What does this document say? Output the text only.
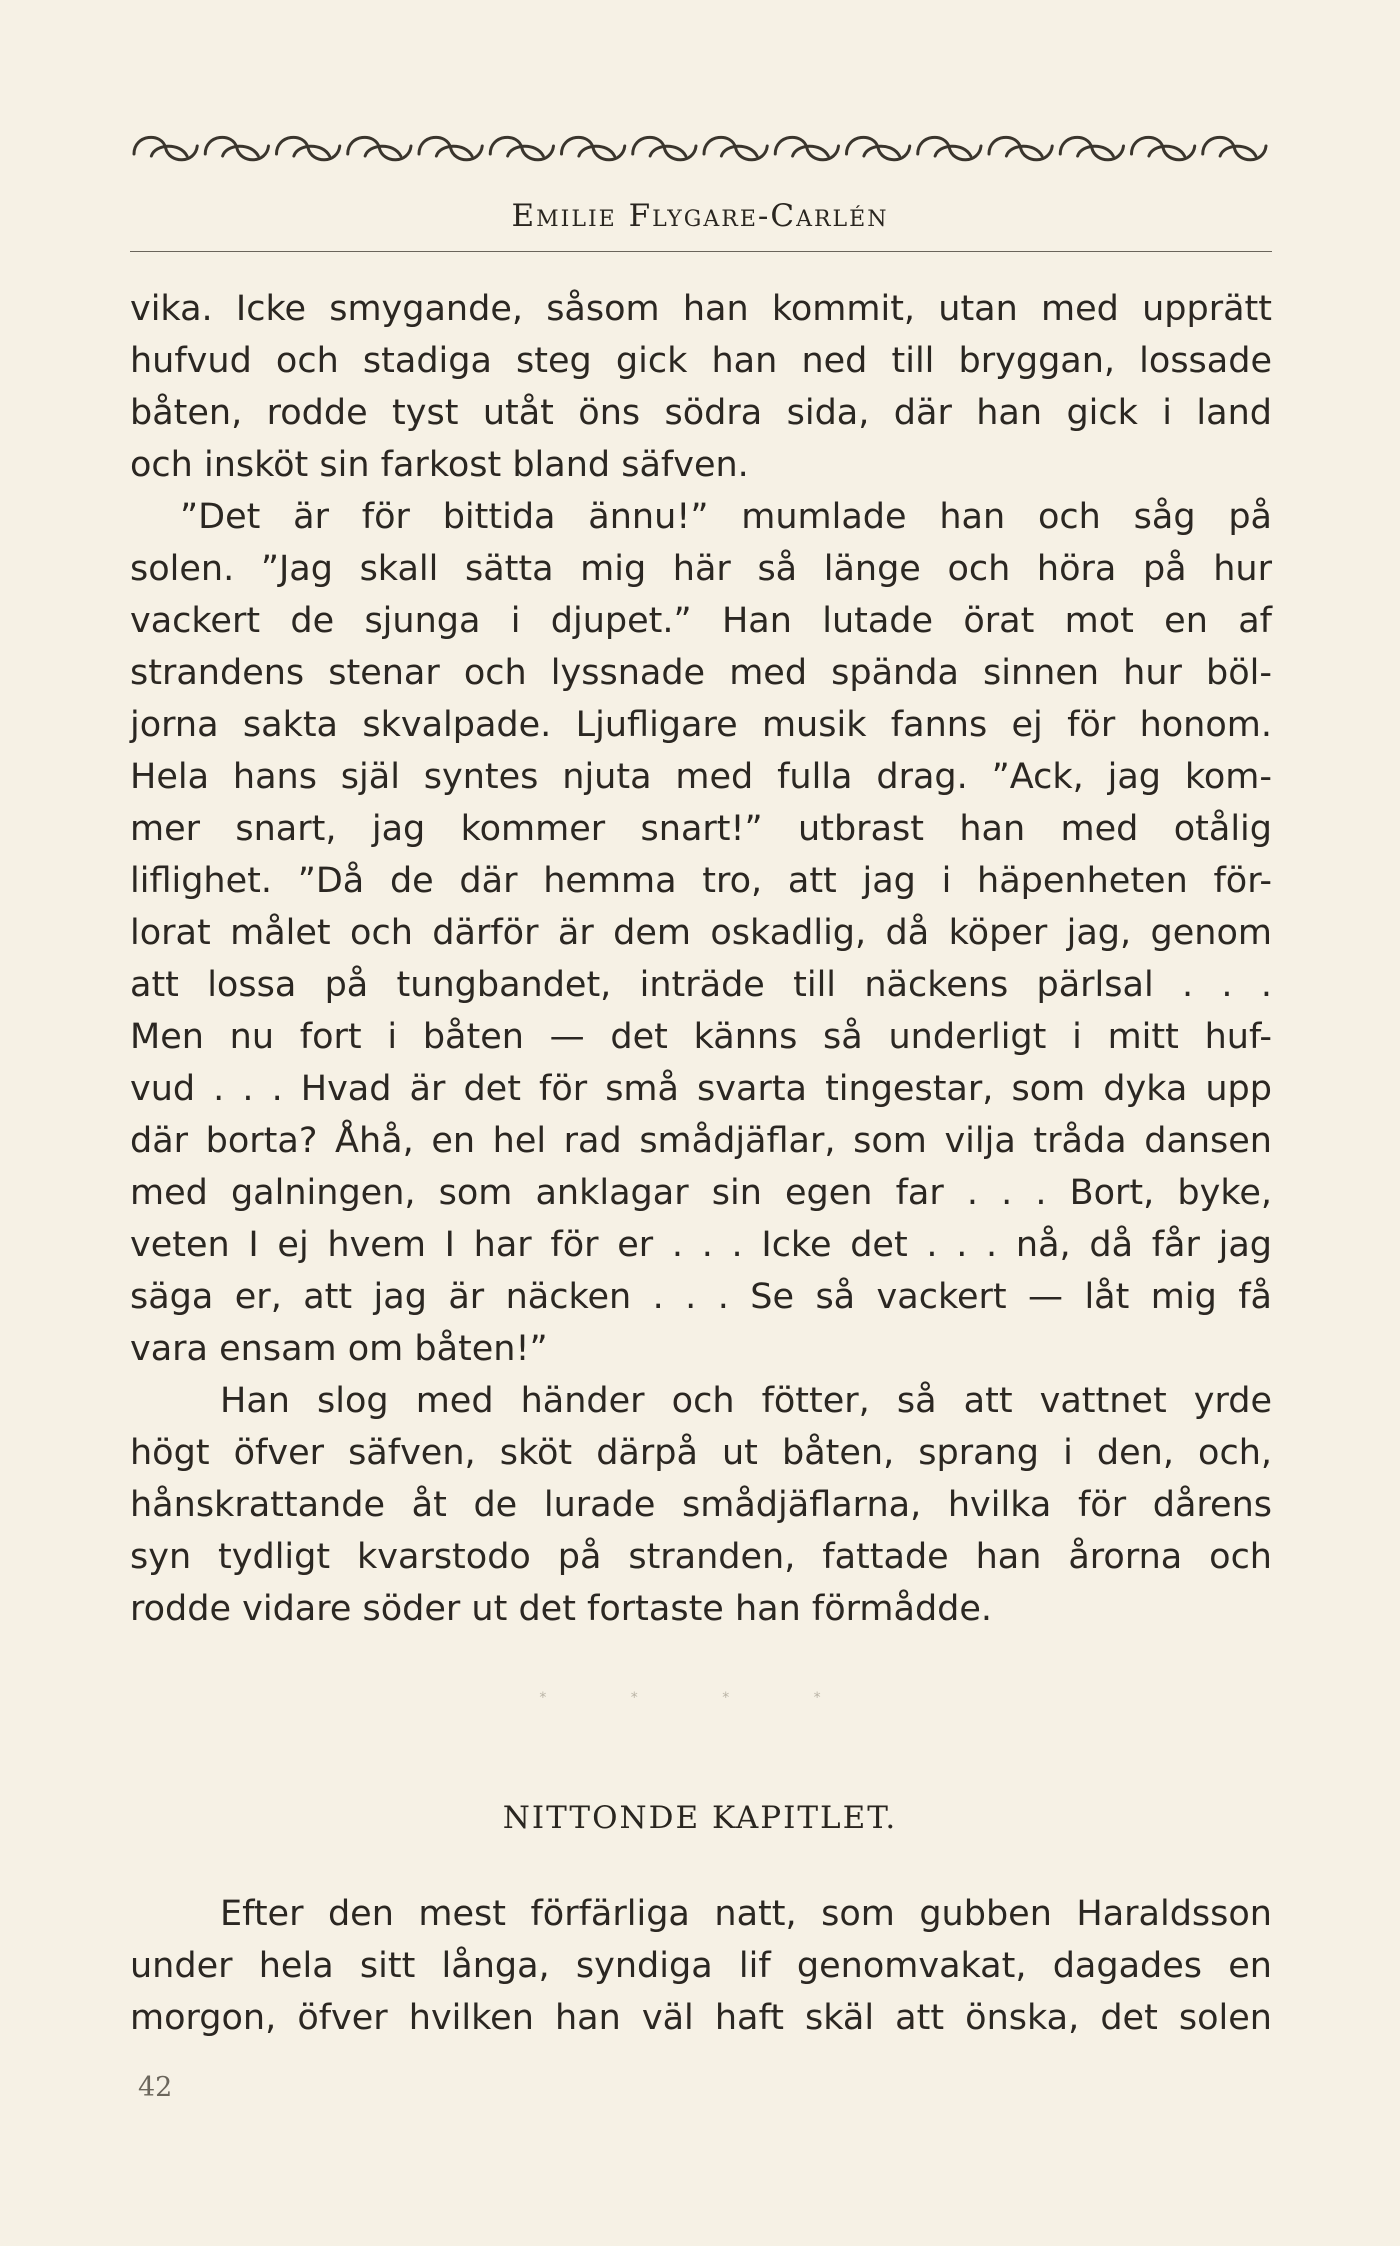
Emilie Flygare-Carlén

vika. Icke smygande, såsom han kommit, utan med upprätt

hufvud och stadiga steg gick han ned till bryggan, lossade

båten, rodde tyst utåt öns södra sida, där han gick i land

och insköt sin farkost bland säfven.

”Det är för bittida ännu!” mumlade han och såg på

solen. ”Jag skall sätta mig här så länge och höra på hur

vackert de sjunga i djupet.” Han lutade örat mot en af

strandens stenar och lyssnade med spända sinnen hur böl-

jorna sakta skvalpade. Ljufligare musik fanns ej för honom.

Hela hans själ syntes njuta med fulla drag. ”Ack, jag kom-

mer snart, jag kommer snart!” utbrast han med otålig

liflighet. ”Då de där hemma tro, att jag i häpenheten för-

lorat målet och därför är dem oskadlig, då köper jag, genom

att lossa på tungbandet, inträde till näckens pärlsal . . .

Men nu fort i båten — det känns så underligt i mitt huf-

vud . . . Hvad är det för små svarta tingestar, som dyka upp

där borta? Åhå, en hel rad smådjäflar, som vilja tråda dansen

med galningen, som anklagar sin egen far . . . Bort, byke,

veten I ej hvem I har för er . . . Icke det . . . nå, då får jag

säga er, att jag är näcken . . . Se så vackert — låt mig få

vara ensam om båten!”

Han slog med händer och fötter, så att vattnet yrde

högt öfver säfven, sköt därpå ut båten, sprang i den, och,

hånskrattande åt de lurade smådjäflarna, hvilka för dårens

syn tydligt kvarstodo på stranden, fattade han årorna och

rodde vidare söder ut det fortaste han förmådde.

* * * *
NITTONDE KAPITLET.

Efter den mest förfärliga natt, som gubben Haraldsson

under hela sitt långa, syndiga lif genomvakat, dagades en

morgon, öfver hvilken han väl haft skäl att önska, det solen

42
